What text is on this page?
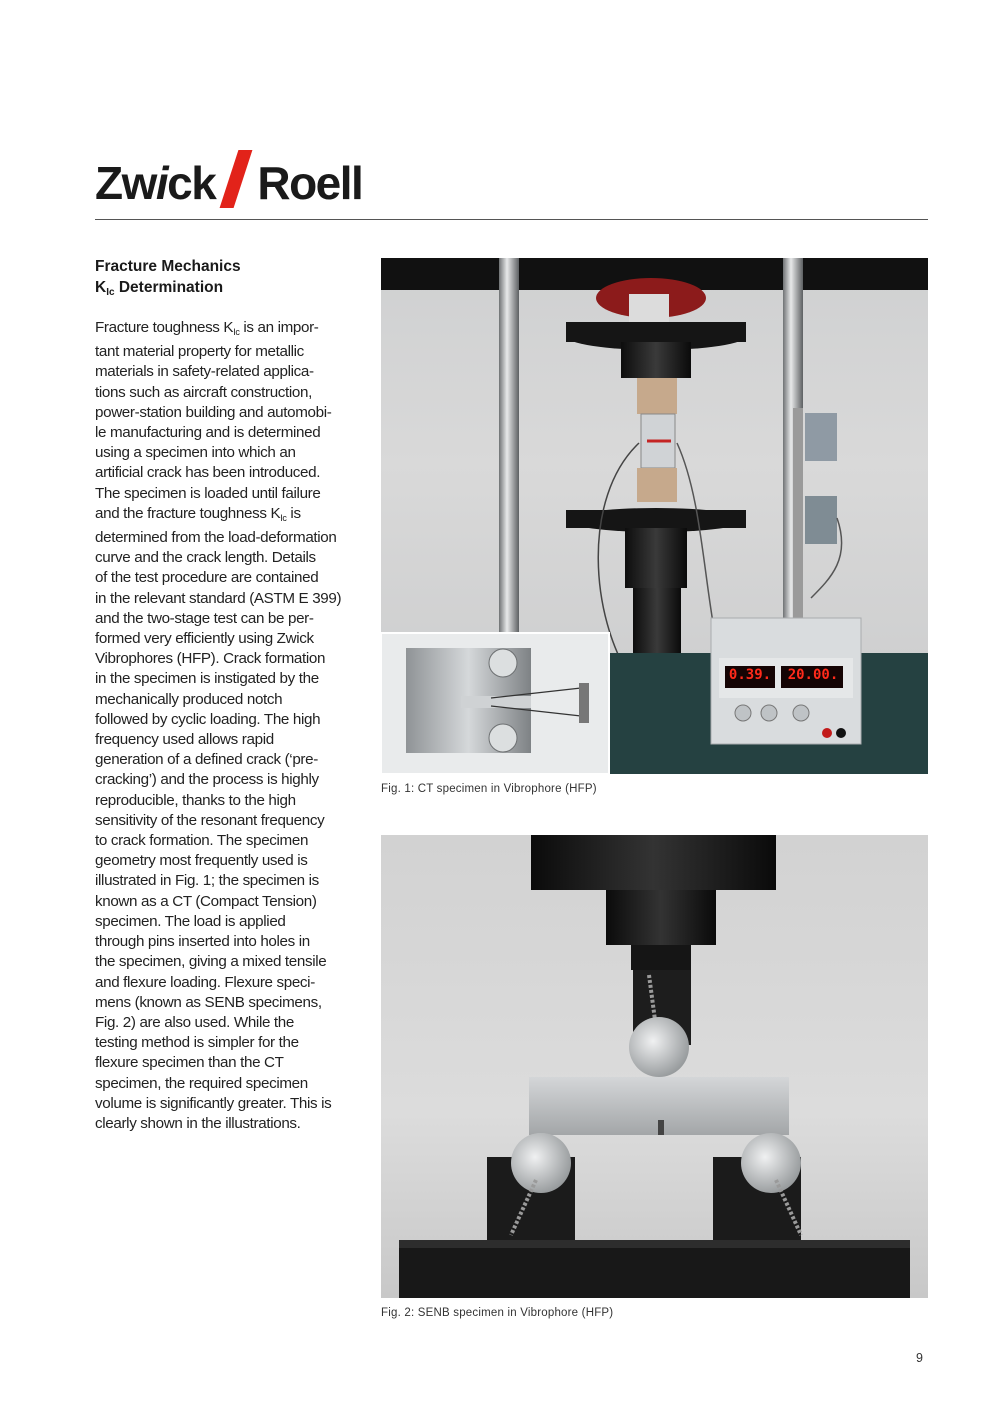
Zwick Roell
Fracture Mechanics
$K_{Ic}$ Determination
Fracture toughness $K_{Ic}$ is an impor-
tant material property for metallic
materials in safety-related applica-
tions such as aircraft construction,
power-station building and automobi-
le manufacturing and is determined
using a specimen into which an
artificial crack has been introduced.
The specimen is loaded until failure
and the fracture toughness $K_{Ic}$ is
determined from the load-deformation
curve and the crack length. Details
of the test procedure are contained
in the relevant standard (ASTM E 399)
and the two-stage test can be per-
formed very efficiently using Zwick
Vibrophores (HFP). Crack formation
in the specimen is instigated by the
mechanically produced notch
followed by cyclic loading. The high
frequency used allows rapid
generation of a defined crack (‘pre-
cracking’) and the process is highly
reproducible, thanks to the high
sensitivity of the resonant frequency
to crack formation. The specimen
geometry most frequently used is
illustrated in Fig. 1; the specimen is
known as a CT (Compact Tension)
specimen. The load is applied
through pins inserted into holes in
the specimen, giving a mixed tensile
and flexure loading. Flexure speci-
mens (known as SENB specimens,
Fig. 2) are also used. While the
testing method is simpler for the
flexure specimen than the CT
specimen, the required specimen
volume is significantly greater. This is
clearly shown in the illustrations.
0.39. 20.00.
Fig. 1: CT specimen in Vibrophore (HFP)
Fig. 2: SENB specimen in Vibrophore (HFP)
9
